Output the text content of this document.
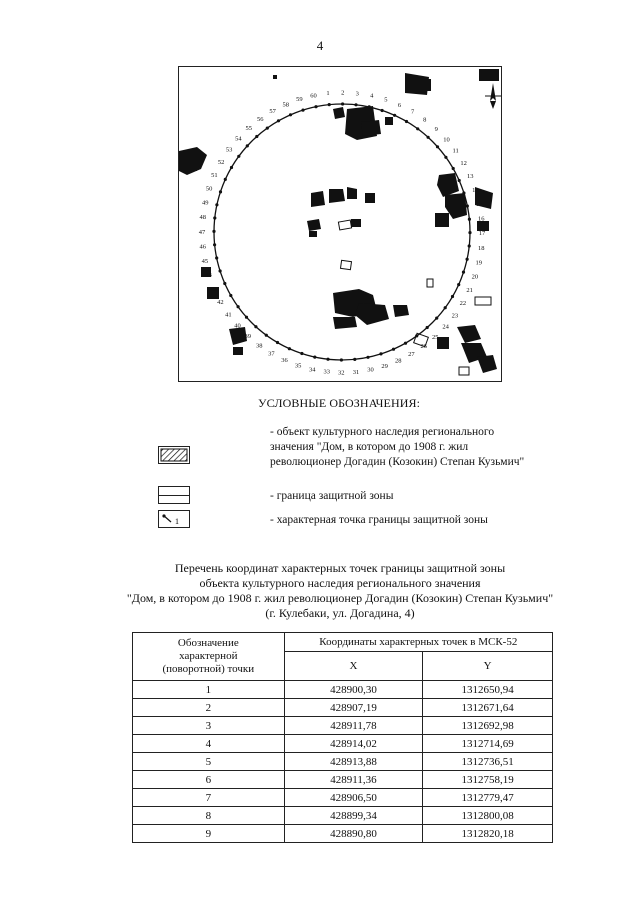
4
1 2 3 4
5
6
7
8
9
10
11
12
13
14
15
16
17
18
19
20
21
22
23
24
25
26
27
28
29
30
31
32
33
34
35
36
37
38
39
40
41
42
43
44
45
46
47
48
49
50
51
52
53
54
55
56
57
58
59
60
УСЛОВНЫЕ ОБОЗНАЧЕНИЯ:
- объект культурного наследия регионального
значения "Дом, в котором до 1908 г. жил
революционер Догадин (Козокин) Степан Кузьмич"
- граница защитной зоны
1	- характерная точка границы защитной зоны
Перечень координат характерных точек границы защитной зоны
объекта культурного наследия регионального значения
"Дом, в котором до 1908 г. жил революционер Догадин (Козокин) Степан Кузьмич"
(г. Кулебаки, ул. Догадина, 4)
Обозначение
характерной
(поворотной) точки	Координаты характерных точек в МСК-52	
	X	Y
1	428900,30	1312650,94
2	428907,19	1312671,64
3	428911,78	1312692,98
4	428914,02	1312714,69
5	428913,88	1312736,51
6	428911,36	1312758,19
7	428906,50	1312779,47
8	428899,34	1312800,08
9	428890,80	1312820,18
